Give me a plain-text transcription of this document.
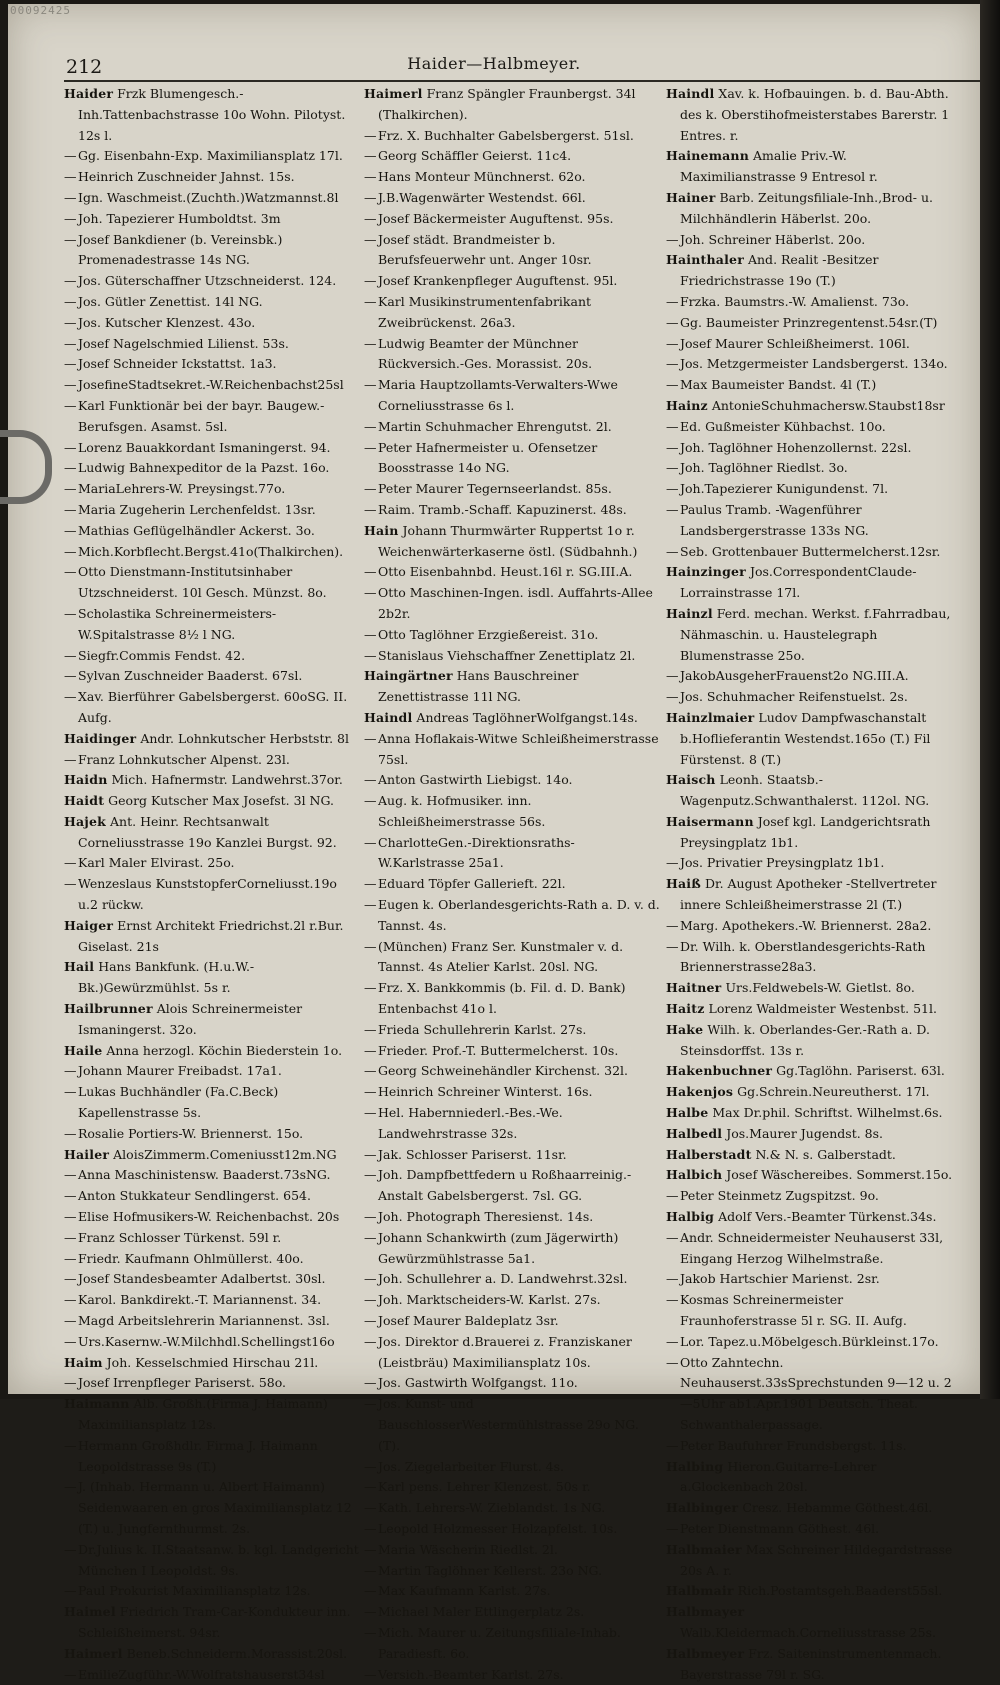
00092425
212	Haider—Halbmeyer.

Haider Frzk Blumengesch.-Inh.Tattenbachstrasse 10o Wohn. Pilotyst. 12s l.

— Gg. Eisenbahn-Exp. Maximiliansplatz 17l.

— Heinrich Zuschneider Jahnst. 15s.

— Ign. Waschmeist.(Zuchth.)Watzmannst.8l

— Joh. Tapezierer Humboldtst. 3m

— Josef Bankdiener (b. Vereinsbk.) Promenadestrasse 14s NG.

— Jos. Güterschaffner Utzschneiderst. 124.

— Jos. Gütler Zenettist. 14l NG.

— Jos. Kutscher Klenzest. 43o.

— Josef Nagelschmied Lilienst. 53s.

— Josef Schneider Ickstattst. 1a3.

— JosefineStadtsekret.-W.Reichenbachst25sl

— Karl Funktionär bei der bayr. Baugew.-Berufsgen. Asamst. 5sl.

— Lorenz Bauakkordant Ismaningerst. 94.

— Ludwig Bahnexpeditor de la Pazst. 16o.

— MariaLehrers-W. Preysingst.77o.

— Maria Zugeherin Lerchenfeldst. 13sr.

— Mathias Geflügelhändler Ackerst. 3o.

— Mich.Korbflecht.Bergst.41o(Thalkirchen).

— Otto Dienstmann-Institutsinhaber Utzschneiderst. 10l Gesch. Münzst. 8o.

— Scholastika Schreinermeisters-W.Spitalstrasse 8½ l NG.

— Siegfr.Commis Fendst. 42.

— Sylvan Zuschneider Baaderst. 67sl.

— Xav. Bierführer Gabelsbergerst. 60oSG. II. Aufg.

Haidinger Andr. Lohnkutscher Herbststr. 8l

— Franz Lohnkutscher Alpenst. 23l.

Haidn Mich. Hafnermstr. Landwehrst.37or.

Haidt Georg Kutscher Max Josefst. 3l NG.

Hajek Ant. Heinr. Rechtsanwalt Corneliusstrasse 19o Kanzlei Burgst. 92.

— Karl Maler Elvirast. 25o.

— Wenzeslaus KunststopferCorneliusst.19o u.2 rückw.

Haiger Ernst Architekt Friedrichst.2l r.Bur. Giselast. 21s

Hail Hans Bankfunk. (H.u.W.-Bk.)Gewürzmühlst. 5s r.

Hailbrunner Alois Schreinermeister Ismaningerst. 32o.

Haile Anna herzogl. Köchin Biederstein 1o.

— Johann Maurer Freibadst. 17a1.

— Lukas Buchhändler (Fa.C.Beck) Kapellenstrasse 5s.

— Rosalie Portiers-W. Briennerst. 15o.

Hailer AloisZimmerm.Comeniusst12m.NG

— Anna Maschinistensw. Baaderst.73sNG.

— Anton Stukkateur Sendlingerst. 654.

— Elise Hofmusikers-W. Reichenbachst. 20s

— Franz Schlosser Türkenst. 59l r.

— Friedr. Kaufmann Ohlmüllerst. 40o.

— Josef Standesbeamter Adalbertst. 30sl.

— Karol. Bankdirekt.-T. Mariannenst. 34.

— Magd Arbeitslehrerin Mariannenst. 3sl.

— Urs.Kasernw.-W.Milchhdl.Schellingst16o

Haim Joh. Kesselschmied Hirschau 21l.

— Josef Irrenpfleger Pariserst. 58o.

Haimann Alb. Großh.(Firma J. Haimann) Maximiliansplatz 12s.

— Hermann Großhdlr. Firma J. Haimann Leopoldstrasse 9s (T.)

— J. (Inhab. Hermann u. Albert Haimann) Seidenwaaren en gros Maximiliansplatz 12 (T.) u. Jungfernthurmst. 2s.

— Dr.Julius k. II.Staatsanw. b. kgl. Landgericht München I Leopoldst. 9s.

— Paul Prokurist Maximiliansplatz 12s.

Haimel Friedrich Tram-Car-Kondukteur inn. Schleißheimerst. 94sr.

Haimerl Beneb.Schneiderm.Morassist.20sl.

— EmilieZugführ.-W.Wolfratshauserst34sl

Haimerl Franz Spängler Fraunbergst. 34l (Thalkirchen).

— Frz. X. Buchhalter Gabelsbergerst. 51sl.

— Georg Schäffler Geierst. 11c4.

— Hans Monteur Münchnerst. 62o.

— J.B.Wagenwärter Westendst. 66l.

— Josef Bäckermeister Auguftenst. 95s.

— Josef städt. Brandmeister b. Berufsfeuerwehr unt. Anger 10sr.

— Josef Krankenpfleger Auguftenst. 95l.

— Karl Musikinstrumentenfabrikant Zweibrückenst. 26a3.

— Ludwig Beamter der Münchner Rückversich.-Ges. Morassist. 20s.

— Maria Hauptzollamts-Verwalters-Wwe Corneliusstrasse 6s l.

— Martin Schuhmacher Ehrengutst. 2l.

— Peter Hafnermeister u. Ofensetzer Boosstrasse 14o NG.

— Peter Maurer Tegernseerlandst. 85s.

— Raim. Tramb.-Schaff. Kapuzinerst. 48s.

Hain Johann Thurmwärter Ruppertst 1o r. Weichenwärterkaserne östl. (Südbahnh.)

— Otto Eisenbahnbd. Heust.16l r. SG.III.A.

— Otto Maschinen-Ingen. isdl. Auffahrts-Allee 2b2r.

— Otto Taglöhner Erzgießereist. 31o.

— Stanislaus Viehschaffner Zenettiplatz 2l.

Haingärtner Hans Bauschreiner Zenettistrasse 11l NG.

Haindl Andreas TaglöhnerWolfgangst.14s.

— Anna Hoflakais-Witwe Schleißheimerstrasse 75sl.

— Anton Gastwirth Liebigst. 14o.

— Aug. k. Hofmusiker. inn. Schleißheimerstrasse 56s.

— CharlotteGen.-Direktionsraths-W.Karlstrasse 25a1.

— Eduard Töpfer Gallerieft. 22l.

— Eugen k. Oberlandesgerichts-Rath a. D. v. d. Tannst. 4s.

— (München) Franz Ser. Kunstmaler v. d. Tannst. 4s Atelier Karlst. 20sl. NG.

— Frz. X. Bankkommis (b. Fil. d. D. Bank) Entenbachst 41o l.

— Frieda Schullehrerin Karlst. 27s.

— Frieder. Prof.-T. Buttermelcherst. 10s.

— Georg Schweinehändler Kirchenst. 32l.

— Heinrich Schreiner Winterst. 16s.

— Hel. Habernniederl.-Bes.-We. Landwehrstrasse 32s.

— Jak. Schlosser Pariserst. 11sr.

— Joh. Dampfbettfedern u Roßhaarreinig.-Anstalt Gabelsbergerst. 7sl. GG.

— Joh. Photograph Theresienst. 14s.

— Johann Schankwirth (zum Jägerwirth) Gewürzmühlstrasse 5a1.

— Joh. Schullehrer a. D. Landwehrst.32sl.

— Joh. Marktscheiders-W. Karlst. 27s.

— Josef Maurer Baldeplatz 3sr.

— Jos. Direktor d.Brauerei z. Franziskaner (Leistbräu) Maximiliansplatz 10s.

— Jos. Gastwirth Wolfgangst. 11o.

— Jos. Kunst- und BauschlosserWestermühlstrasse 29o NG. (T).

— Jos. Ziegelarbeiter Flurst. 4s.

— Karl pens. Lehrer Klenzest. 50s r.

— Kath. Lehrers-W. Zieblandst. 1s NG.

— Leopold Holzmesser Holzapfelst. 10s.

— Maria Wäscherin Riedlst. 2l.

— Martin Taglöhner Kellerst. 23o NG.

— Max Kaufmann Karlst. 27s.

— Michael Maler Ettlingerplatz 2s.

— Mich. Maurer u. Zeitungsfiliale-Inhab. Paradiesft. 6o.

— Versich.-Beamter Karlst. 27s.

Haindl Xav. k. Hofbauingen. b. d. Bau-Abth. des k. Oberstihofmeisterstabes Barerstr. 1 Entres. r.

Hainemann Amalie Priv.-W. Maximilianstrasse 9 Entresol r.

Hainer Barb. Zeitungsfiliale-Inh.,Brod- u. Milchhändlerin Häberlst. 20o.

— Joh. Schreiner Häberlst. 20o.

Hainthaler And. Realit -Besitzer Friedrichstrasse 19o (T.)

— Frzka. Baumstrs.-W. Amalienst. 73o.

— Gg. Baumeister Prinzregentenst.54sr.(T)

— Josef Maurer Schleißheimerst. 106l.

— Jos. Metzgermeister Landsbergerst. 134o.

— Max Baumeister Bandst. 4l (T.)

Hainz AntonieSchuhmachersw.Staubst18sr

— Ed. Gußmeister Kühbachst. 10o.

— Joh. Taglöhner Hohenzollernst. 22sl.

— Joh. Taglöhner Riedlst. 3o.

— Joh.Tapezierer Kunigundenst. 7l.

— Paulus Tramb. -Wagenführer Landsbergerstrasse 133s NG.

— Seb. Grottenbauer Buttermelcherst.12sr.

Hainzinger Jos.CorrespondentClaude-Lorrainstrasse 17l.

Hainzl Ferd. mechan. Werkst. f.Fahrradbau, Nähmaschin. u. Haustelegraph Blumenstrasse 25o.

— JakobAusgeherFrauenst2o NG.III.A.

— Jos. Schuhmacher Reifenstuelst. 2s.

Hainzlmaier Ludov Dampfwaschanstalt b.Hoflieferantin Westendst.165o (T.) Fil Fürstenst. 8 (T.)

Haisch Leonh. Staatsb.-Wagenputz.Schwanthalerst. 112ol. NG.

Haisermann Josef kgl. Landgerichtsrath Preysingplatz 1b1.

— Jos. Privatier Preysingplatz 1b1.

Haiß Dr. August Apotheker -Stellvertreter innere Schleißheimerstrasse 2l (T.)

— Marg. Apothekers.-W. Briennerst. 28a2.

— Dr. Wilh. k. Oberstlandesgerichts-Rath Briennerstrasse28a3.

Haitner Urs.Feldwebels-W. Gietlst. 8o.

Haitz Lorenz Waldmeister Westenbst. 51l.

Hake Wilh. k. Oberlandes-Ger.-Rath a. D. Steinsdorffst. 13s r.

Hakenbuchner Gg.Taglöhn. Pariserst. 63l.

Hakenjos Gg.Schrein.Neureutherst. 17l.

Halbe Max Dr.phil. Schriftst. Wilhelmst.6s.

Halbedl Jos.Maurer Jugendst. 8s.

Halberstadt N.& N. s. Galberstadt.

Halbich Josef Wäschereibes. Sommerst.15o.

— Peter Steinmetz Zugspitzst. 9o.

Halbig Adolf Vers.-Beamter Türkenst.34s.

— Andr. Schneidermeister Neuhauserst 33l, Eingang Herzog Wilhelmstraße.

— Jakob Hartschier Marienst. 2sr.

— Kosmas Schreinermeister Fraunhoferstrasse 5l r. SG. II. Aufg.

— Lor. Tapez.u.Möbelgesch.Bürkleinst.17o.

— Otto Zahntechn. Neuhauserst.33sSprechstunden 9—12 u. 2—5Uhr ab1.Apr.1901 Deutsch. Theat. Schwanthalerpassage.

— Peter Baufuhrer Frundsbergst. 11s.

Halbing Hieron.Guitarre-Lehrer a.Glockenbach 20sl.

Halbinger Cresz. Hebamme Göthest.46l.

— Peter Dienstmann Göthest. 46l.

Halbmaier Max Schreiner Hildegardstrasse 20s A. r.

Halbmair Rich.Postamtsgeh.Baaderst55sl.

Halbmayer Walb.Kleidermach.Corneliusstrasse 25s.

Halbmeyer Frz. Saiteninstrumentenmach. Bayerstrasse 79l r. SG.
